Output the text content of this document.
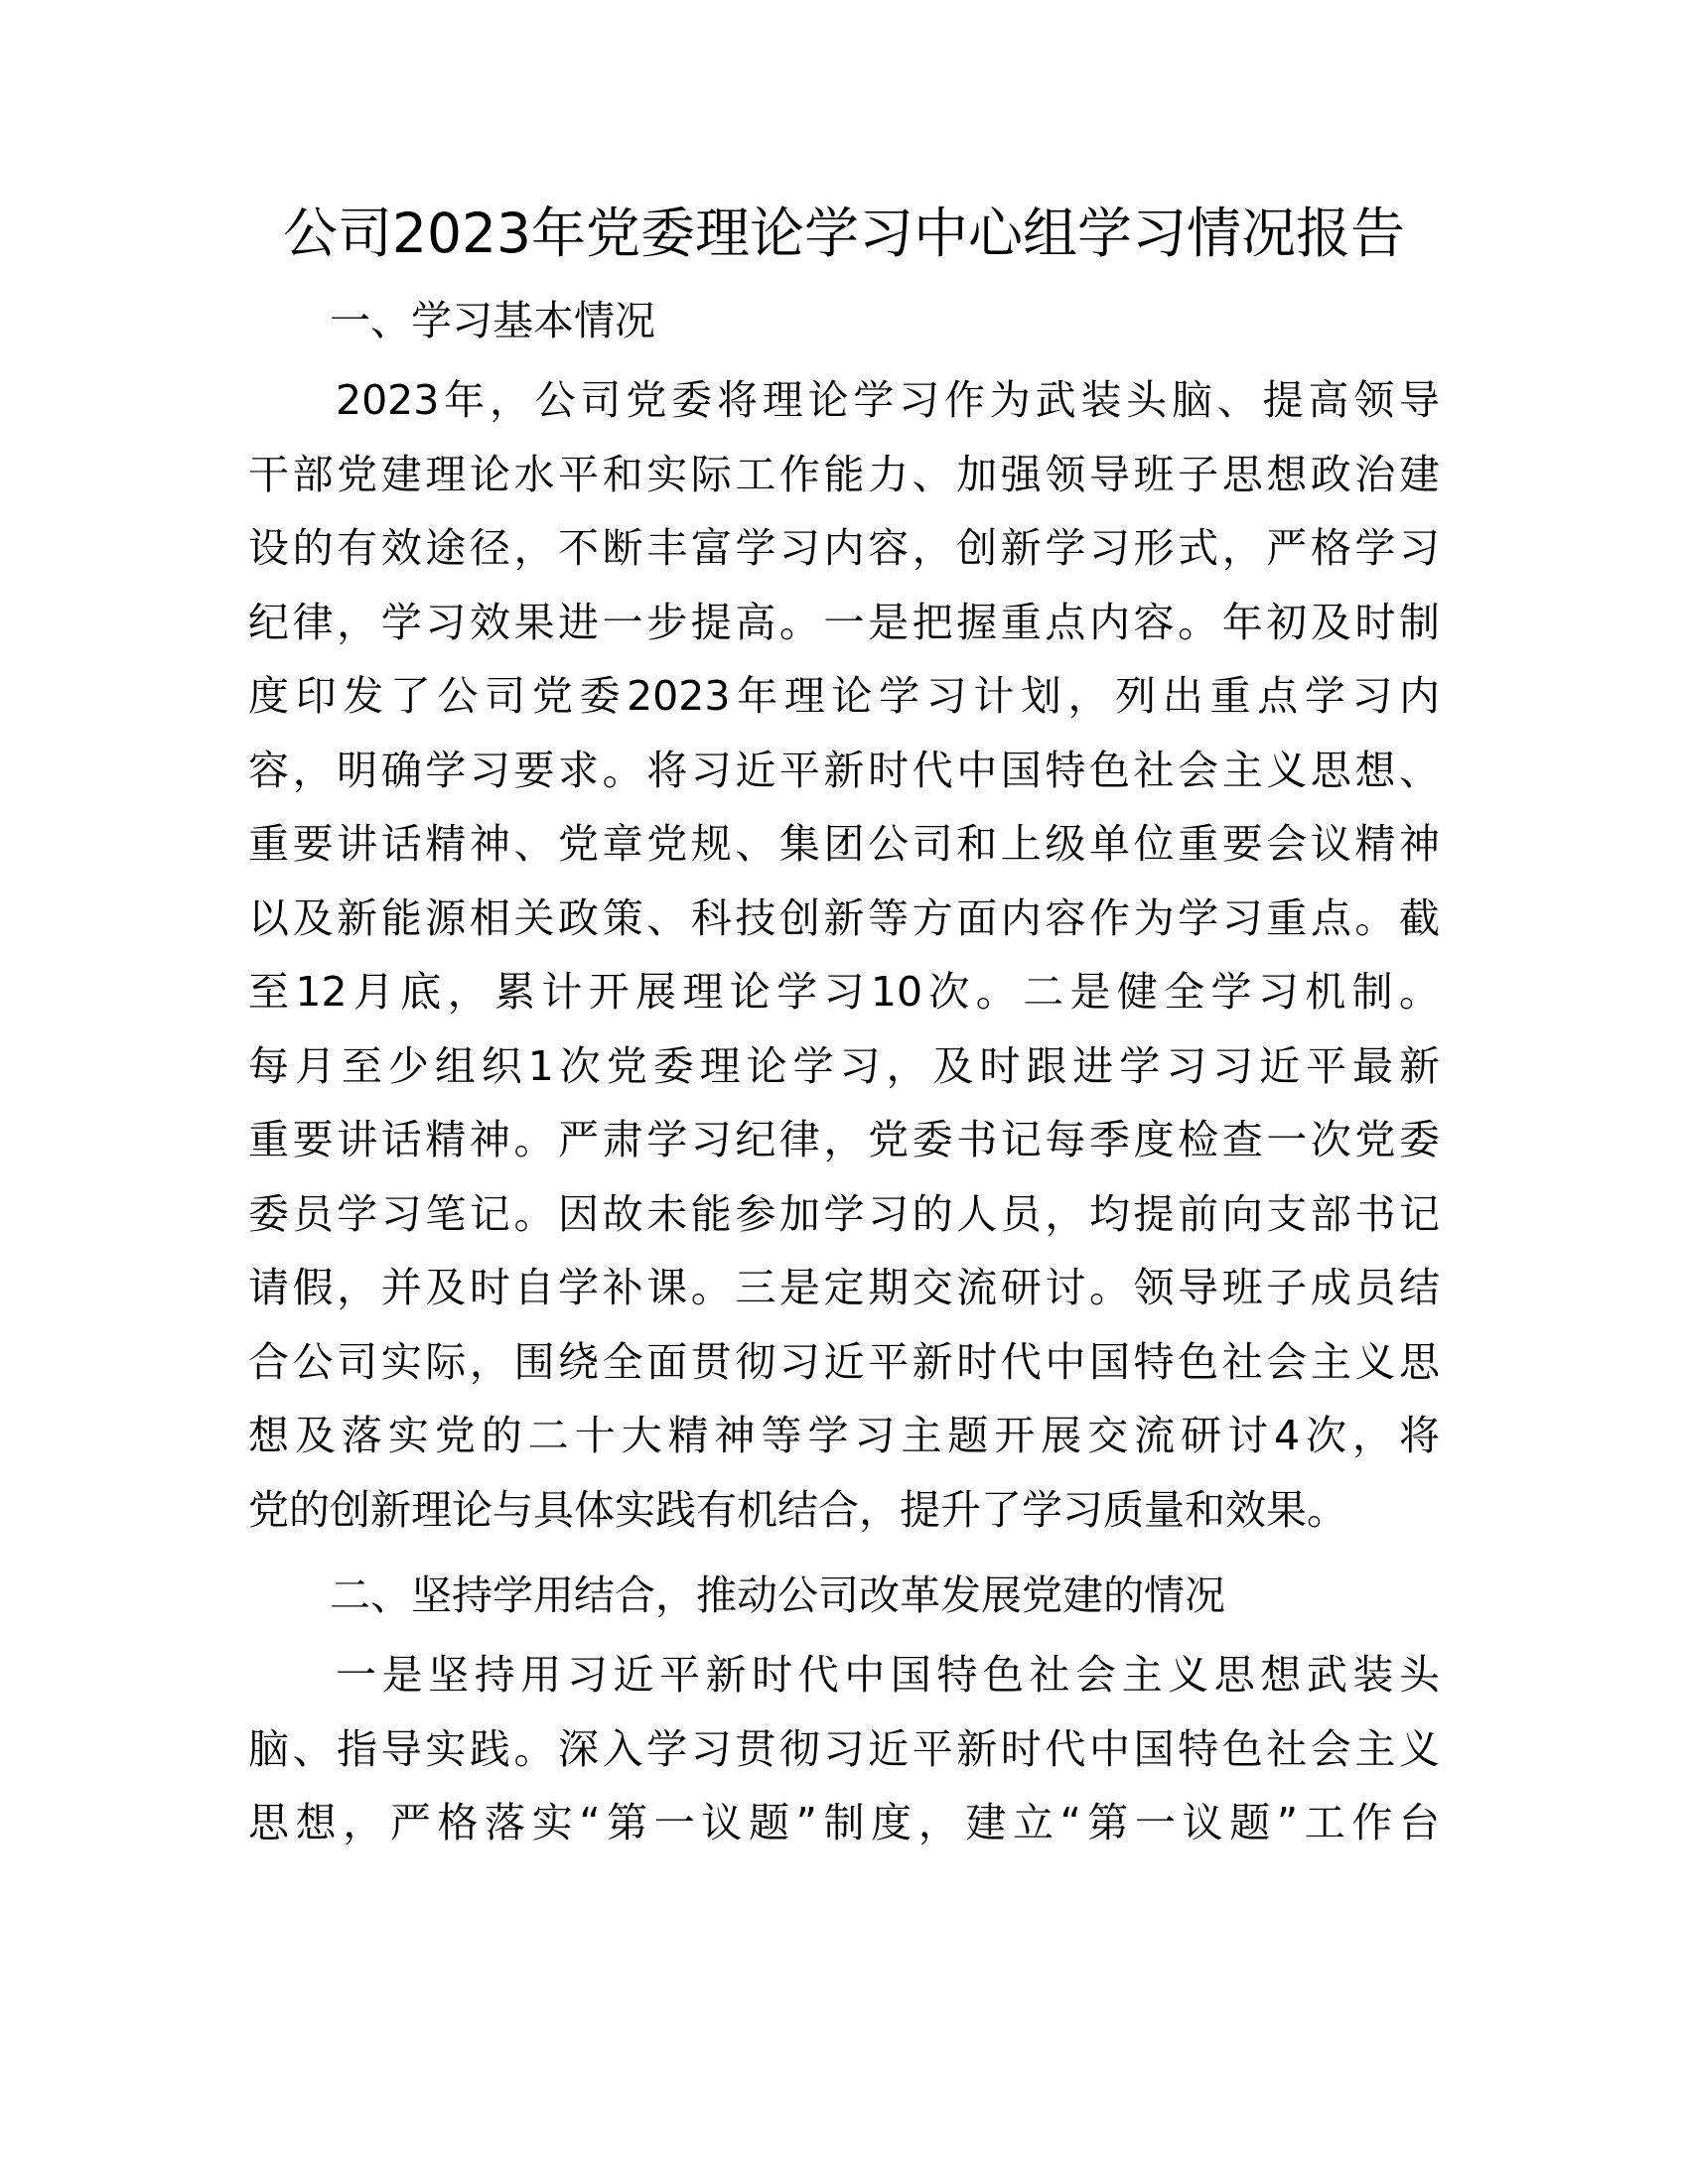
公司2023年党委理论学习中心组学习情况报告
一、学习基本情况
2023年，公司党委将理论学习作为武装头脑、提高领导
干部党建理论水平和实际工作能力、加强领导班子思想政治建
设的有效途径，不断丰富学习内容，创新学习形式，严格学习
纪律，学习效果进一步提高。一是把握重点内容。年初及时制
度印发了公司党委2023年理论学习计划，列出重点学习内
容，明确学习要求。将习近平新时代中国特色社会主义思想、
重要讲话精神、党章党规、集团公司和上级单位重要会议精神
以及新能源相关政策、科技创新等方面内容作为学习重点。截
至12月底，累计开展理论学习10次。二是健全学习机制。
每月至少组织1次党委理论学习，及时跟进学习习近平最新
重要讲话精神。严肃学习纪律，党委书记每季度检查一次党委
委员学习笔记。因故未能参加学习的人员，均提前向支部书记
请假，并及时自学补课。三是定期交流研讨。领导班子成员结
合公司实际，围绕全面贯彻习近平新时代中国特色社会主义思
想及落实党的二十大精神等学习主题开展交流研讨4次，将
党的创新理论与具体实践有机结合，提升了学习质量和效果。
二、坚持学用结合，推动公司改革发展党建的情况
一是坚持用习近平新时代中国特色社会主义思想武装头
脑、指导实践。深入学习贯彻习近平新时代中国特色社会主义
思想，严格落实“第一议题”制度，建立“第一议题”工作台
